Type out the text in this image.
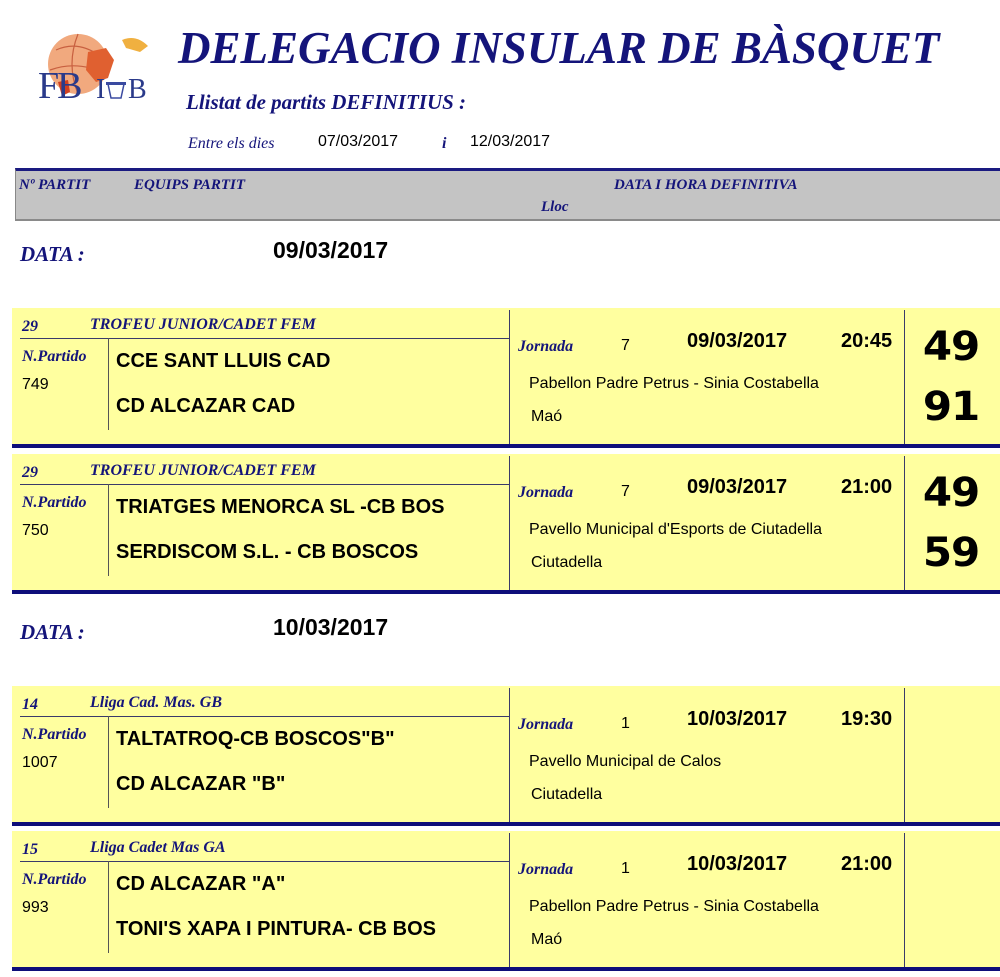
FB I B
DELEGACIO INSULAR DE BÀSQUET
Llistat de partits DEFINITIUS :
Entre els dies	07/03/2017	i 12/03/2017
Nº PARTIT	EQUIPS PARTIT	DATA I HORA DEFINITIVA
Lloc
DATA :	09/03/2017
29	TROFEU JUNIOR/CADET FEM
N.Partido
749
CCE SANT LLUIS CAD
CD ALCAZAR CAD
Jornada	7	09/03/2017	20:45
Pabellon Padre Petrus - Sinia Costabella
Maó
49
91
29	TROFEU JUNIOR/CADET FEM
N.Partido
750
TRIATGES MENORCA SL -CB BOS
SERDISCOM S.L. - CB BOSCOS
Jornada	7	09/03/2017	21:00
Pavello Municipal d'Esports de Ciutadella
Ciutadella
49
59
DATA :	10/03/2017
14	Lliga Cad. Mas. GB
N.Partido
1007
TALTATROQ-CB BOSCOS"B"
CD ALCAZAR "B"
Jornada	1	10/03/2017	19:30
Pavello Municipal de Calos
Ciutadella
15	Lliga Cadet Mas GA
N.Partido
993
CD ALCAZAR "A"
TONI'S XAPA I PINTURA- CB BOS
Jornada	1	10/03/2017	21:00
Pabellon Padre Petrus - Sinia Costabella
Maó
